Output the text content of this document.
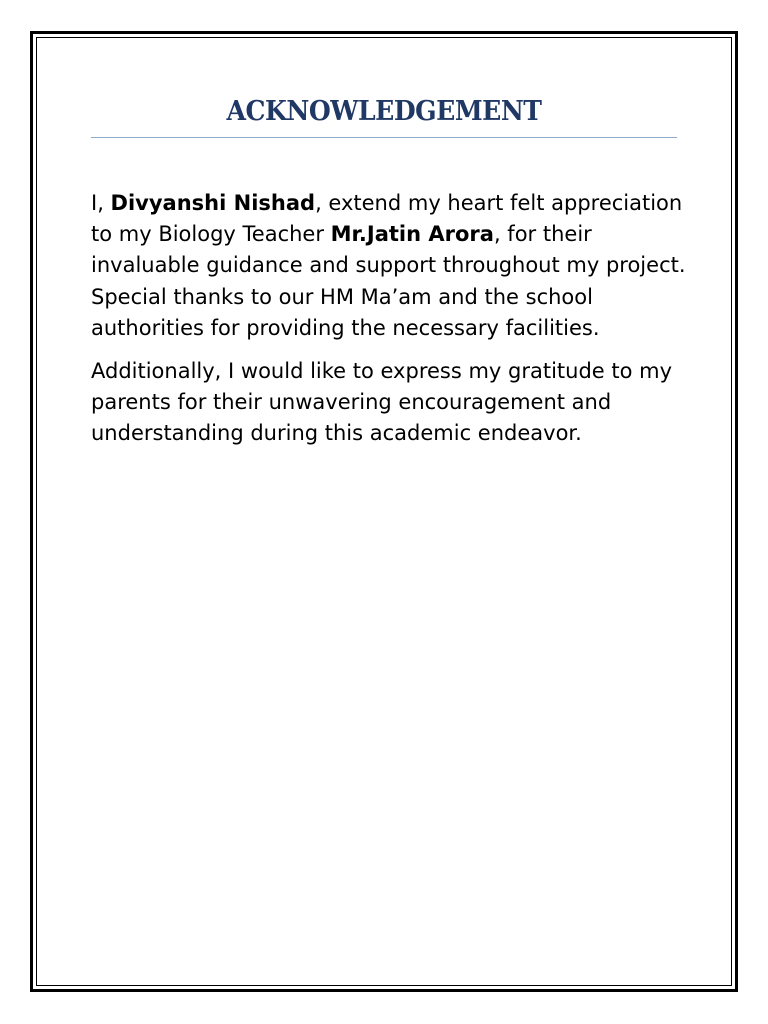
ACKNOWLEDGEMENT

I, Divyanshi Nishad, extend my heart felt appreciation to my Biology Teacher Mr.Jatin Arora, for their invaluable guidance and support throughout my project. Special thanks to our HM Ma’am and the school authorities for providing the necessary facilities.

Additionally, I would like to express my gratitude to my parents for their unwavering encouragement and understanding during this academic endeavor.
